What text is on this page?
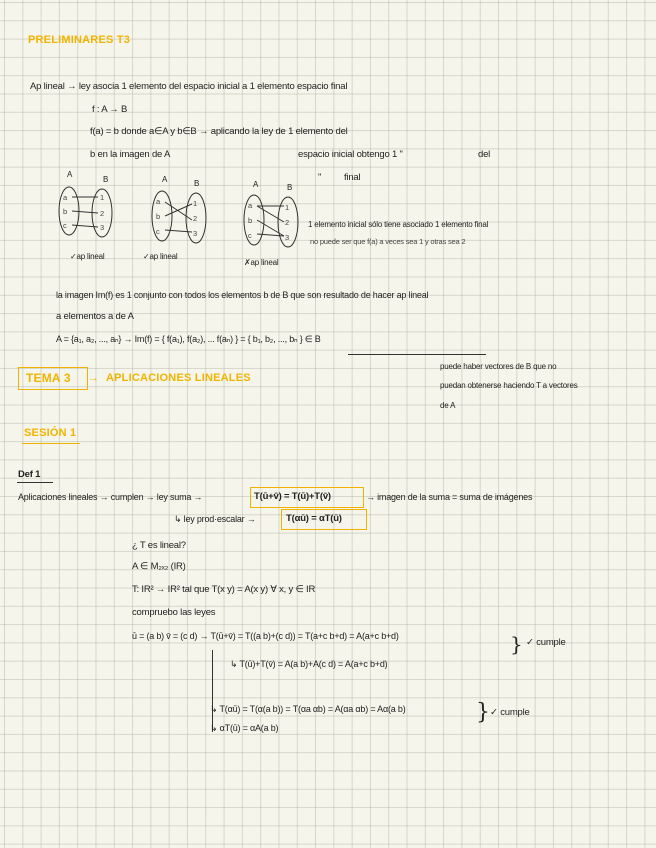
PRELIMINARES T3
Ap lineal → ley asocia 1 elemento del espacio inicial a 1 elemento espacio final
f : A → B
f(a) = b donde a∈A y b∈B → aplicando la ley de 1 elemento del
b en la imagen de A	espacio inicial obtengo 1 "	del
" final
A
B
a
b
c
1
2
3
✓ap lineal
A	B
a
b
c
1
2
3
✓ap lineal
A	B
a
b
c
1
2
3
✗ap lineal
1 elemento inicial sólo tiene asociado 1 elemento final
no puede ser que f(a) a veces sea 1 y otras sea 2
la imagen Im(f) es 1 conjunto con todos los elementos b de B que son resultado de hacer ap lineal
a elementos a de A
A = {a₁, a₂, ..., aₙ} → Im(f) = { f(a₁), f(a₂), ... f(aₙ) } = { b₁, b₂, ..., bₙ } ∈ B
puede haber vectores de B que no
puedan obtenerse haciendo T a vectores
de A
TEMA 3 → APLICACIONES LINEALES
SESIÓN 1
Def 1
Aplicaciones lineales → cumplen → ley suma →	T(ū+v̄) = T(ū)+T(v̄)	→ imagen de la suma = suma de imágenes
↳ ley prod·escalar →	T(αū) = αT(ū)
¿ T es lineal?
A ∈ M₂ₓ₂ (IR)
T: IR² → IR² tal que T(x y) = A(x y) ∀ x, y ∈ IR
compruebo las leyes
ū = (a b) v̄ = (c d) → T(ū+v̄) = T((a b)+(c d)) = T(a+c b+d) = A(a+c b+d)
↳ T(ū)+T(v̄) = A(a b)+A(c d) = A(a+c b+d)
} ✓ cumple
↳ T(αū) = T(α(a b)) = T(αa αb) = A(αa αb) = Aα(a b)
↳ αT(ū) = αA(a b)
} ✓ cumple
